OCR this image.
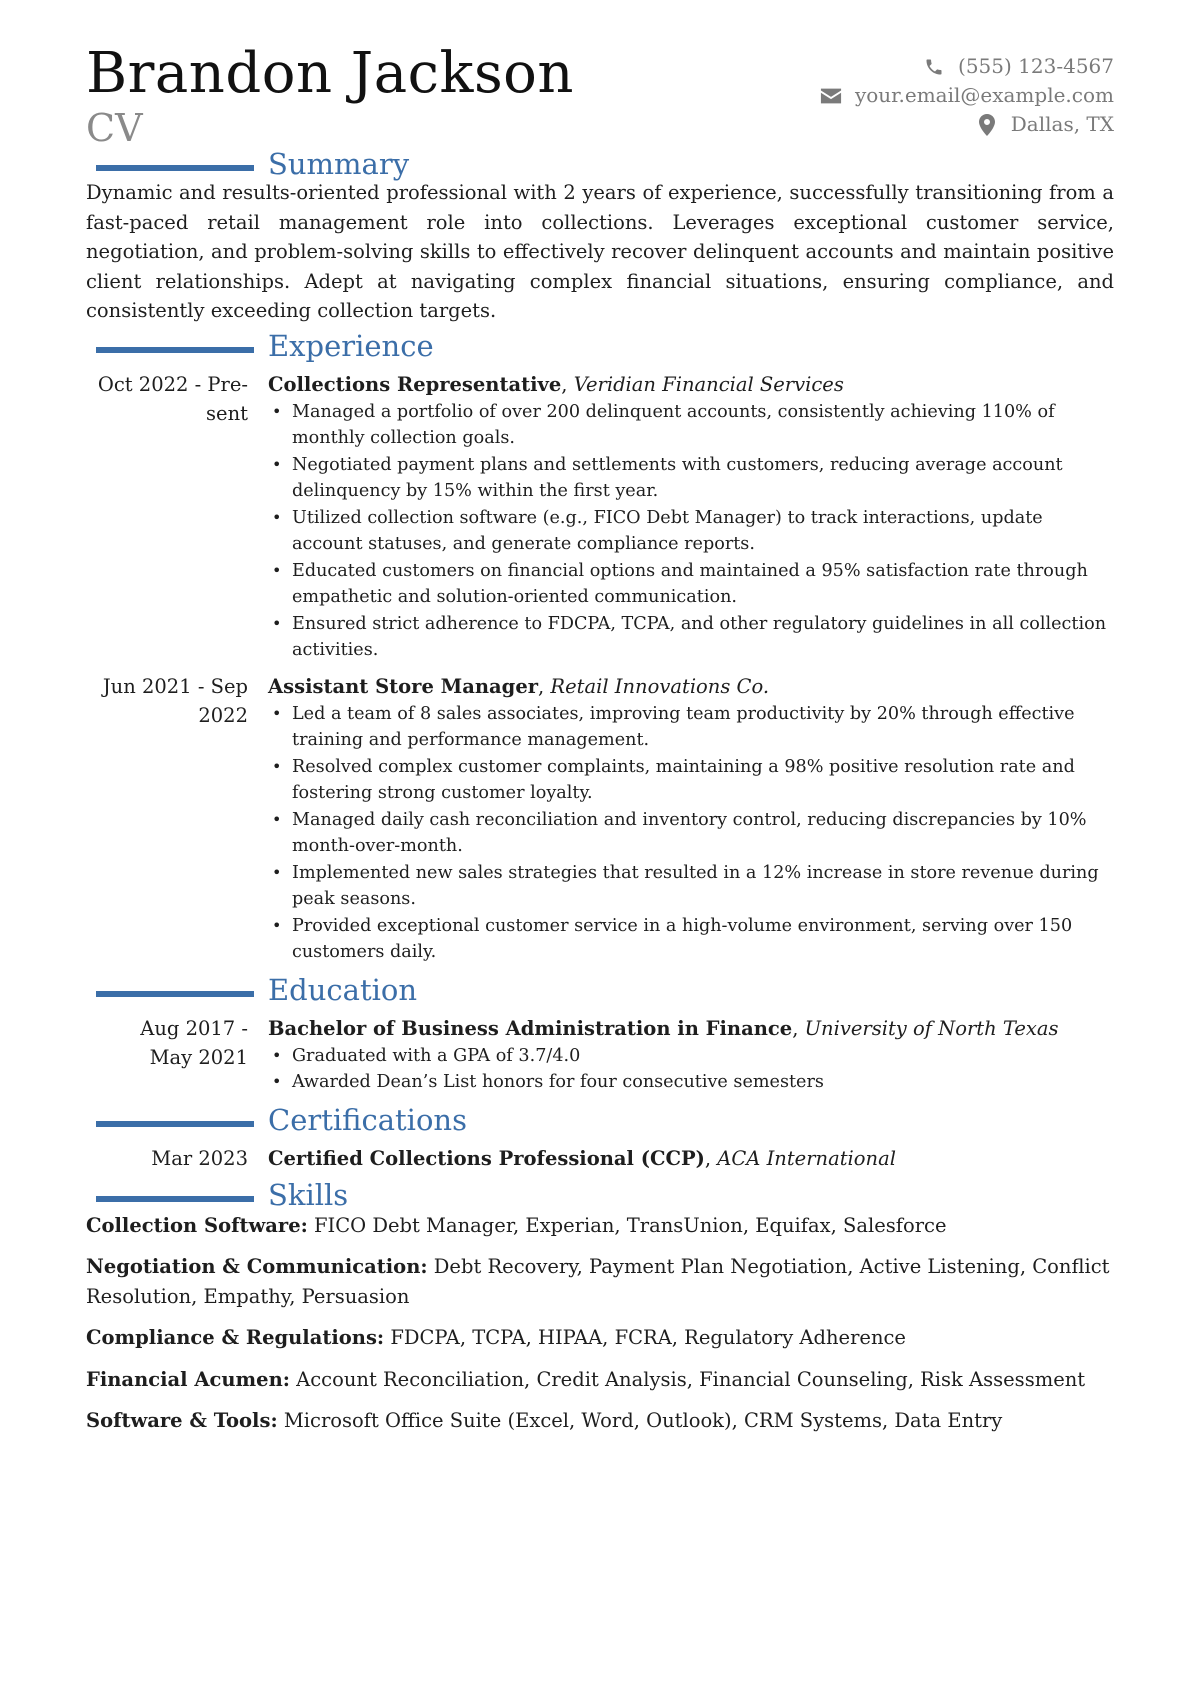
Brandon Jackson
CV
(555) 123-4567
your.email@example.com
Dallas, TX
Summary

Dynamic and results-oriented professional with 2 years of experience, successfully transitioning from a fast-paced retail management role into collections. Leverages exceptional customer service, negotiation, and problem-solving skills to effectively recover delinquent accounts and maintain positive client relationships. Adept at navigating complex financial situations, ensuring compliance, and consistently exceeding collection targets.

Experience
Oct 2022 - Pre-
sent
Collections Representative, Veridian Financial Services
• Managed a portfolio of over 200 delinquent accounts, consistently achieving 110% of monthly collection goals.
• Negotiated payment plans and settlements with customers, reducing average account delinquency by 15% within the first year.
• Utilized collection software (e.g., FICO Debt Manager) to track interactions, update account statuses, and generate compliance reports.
• Educated customers on financial options and maintained a 95% satisfaction rate through empathetic and solution-oriented communication.
• Ensured strict adherence to FDCPA, TCPA, and other regulatory guidelines in all collection activities.
Jun 2021 - Sep
2022
Assistant Store Manager, Retail Innovations Co.
• Led a team of 8 sales associates, improving team productivity by 20% through effective training and performance management.
• Resolved complex customer complaints, maintaining a 98% positive resolution rate and fostering strong customer loyalty.
• Managed daily cash reconciliation and inventory control, reducing discrepancies by 10% month-over-month.
• Implemented new sales strategies that resulted in a 12% increase in store revenue during peak seasons.
• Provided exceptional customer service in a high-volume environment, serving over 150 customers daily.
Education
Aug 2017 -
May 2021
Bachelor of Business Administration in Finance, University of North Texas
• Graduated with a GPA of 3.7/4.0
• Awarded Dean’s List honors for four consecutive semesters
Certifications
Mar 2023	Certified Collections Professional (CCP), ACA International
Skills
Collection Software: FICO Debt Manager, Experian, TransUnion, Equifax, Salesforce
Negotiation & Communication: Debt Recovery, Payment Plan Negotiation, Active Listening, Conflict Resolution, Empathy, Persuasion
Compliance & Regulations: FDCPA, TCPA, HIPAA, FCRA, Regulatory Adherence
Financial Acumen: Account Reconciliation, Credit Analysis, Financial Counseling, Risk Assessment
Software & Tools: Microsoft Office Suite (Excel, Word, Outlook), CRM Systems, Data Entry
